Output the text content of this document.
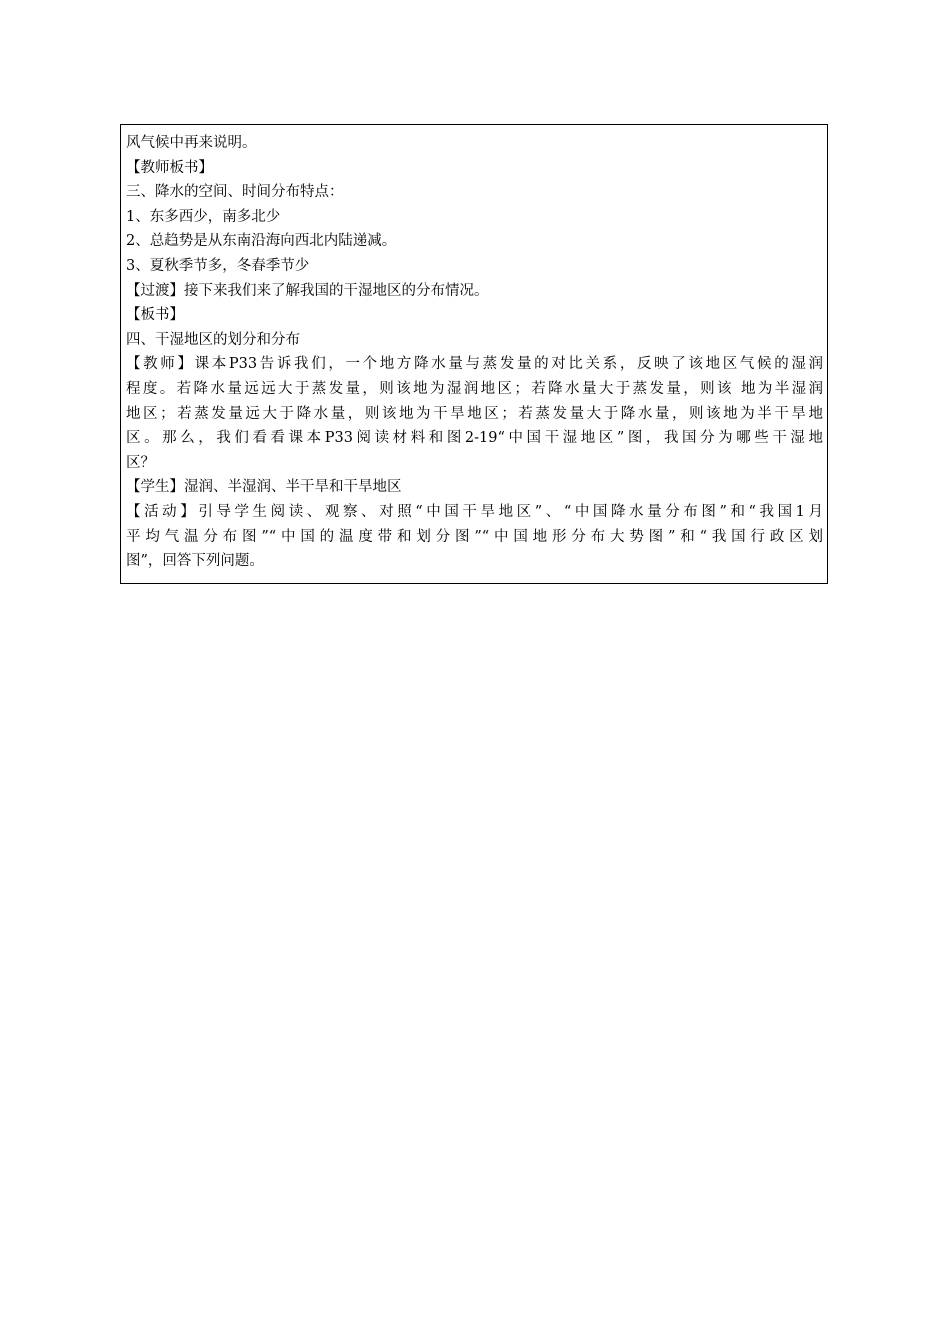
风气候中再来说明。
【教师板书】
三、降水的空间、时间分布特点：
1、东多西少，南多北少
2、总趋势是从东南沿海向西北内陆递减。
3、夏秋季节多，冬春季节少
【过渡】接下来我们来了解我国的干湿地区的分布情况。
【板书】
四、干湿地区的划分和分布
【教师】课本P33告诉我们，一个地方降水量与蒸发量的对比关系，反映了该地区气候的湿润
程度。若降水量远远大于蒸发量，则该地为湿润地区；若降水量大于蒸发量，则该 地为半湿润
地区；若蒸发量远大于降水量，则该地为干旱地区；若蒸发量大于降水量，则该地为半干旱地
区。那么，我们看看课本P33阅读材料和图2-19“中国干湿地区”图，我国分为哪些干湿地
区？
【学生】湿润、半湿润、半干旱和干旱地区
【活动】引导学生阅读、观察、对照“中国干旱地区”、“中国降水量分布图”和“我国1月
平均气温分布图”“中国的温度带和划分图”“中国地形分布大势图”和“我国行政区划
图”，回答下列问题。
